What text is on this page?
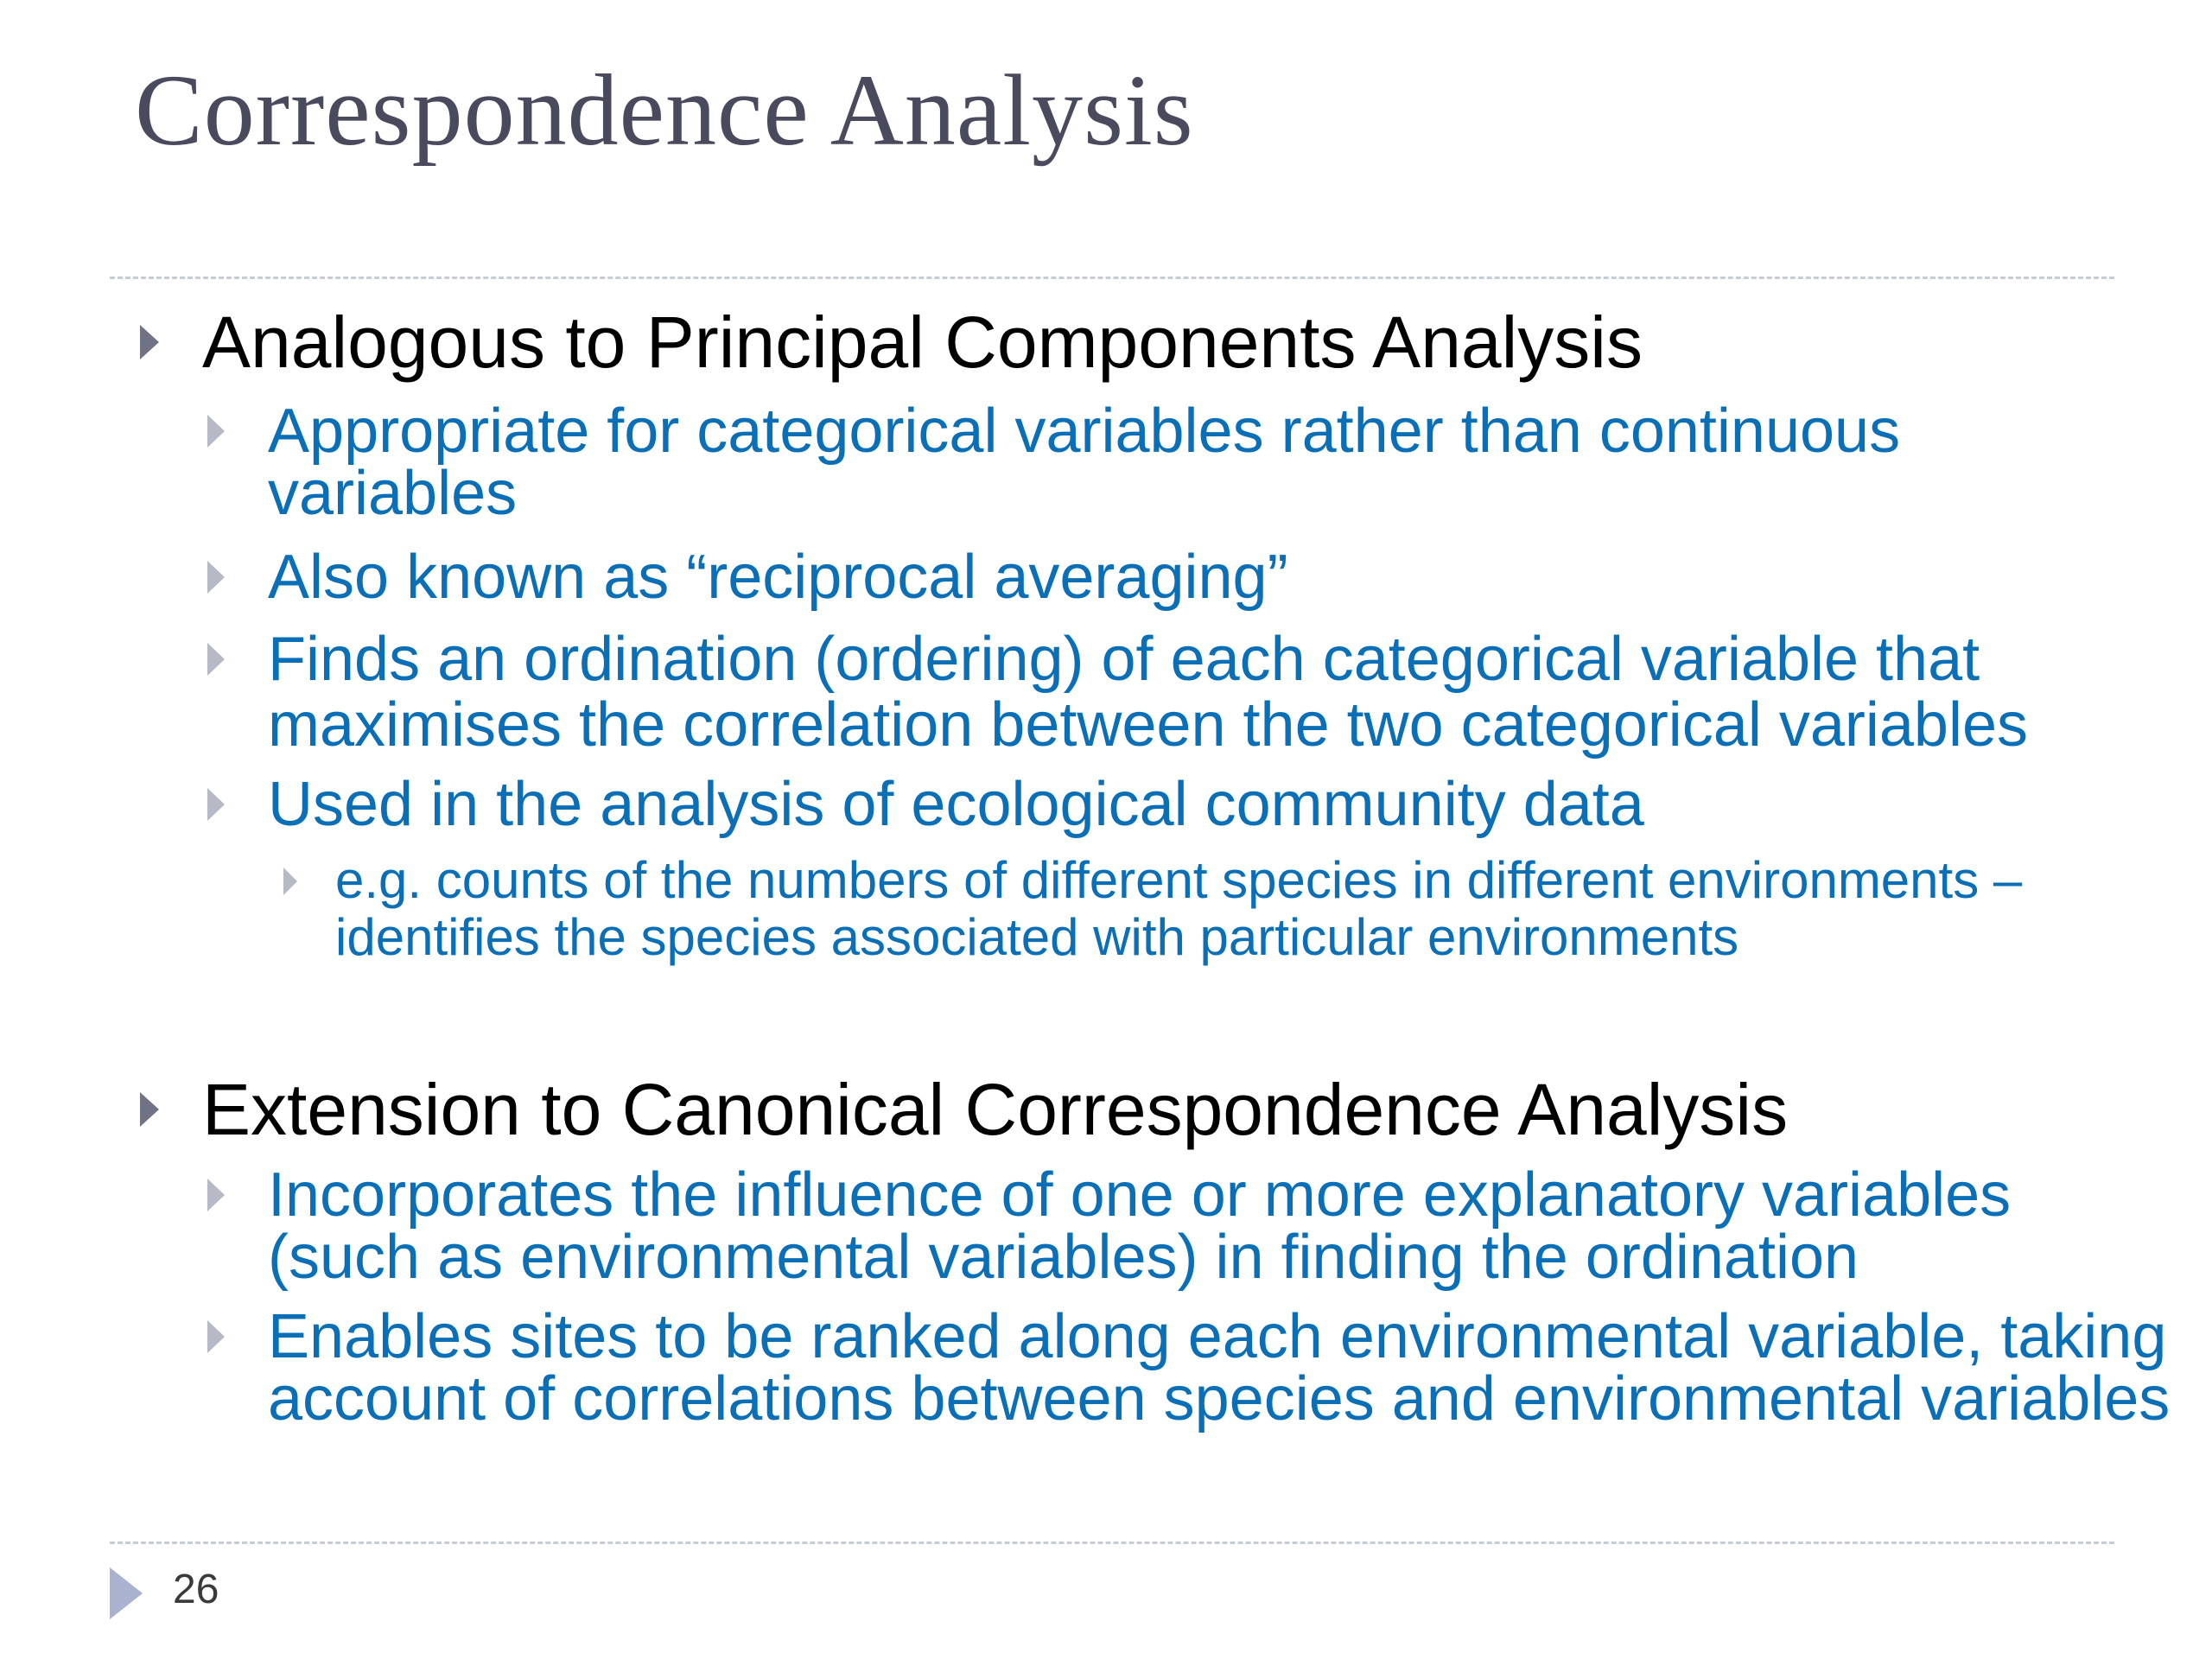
Correspondence Analysis
Analogous to Principal Components Analysis
Appropriate for categorical variables rather than continuous
variables
Also known as “reciprocal averaging”
Finds an ordination (ordering) of each categorical variable that
maximises the correlation between the two categorical variables
Used in the analysis of ecological community data
e.g. counts of the numbers of different species in different environments –
identifies the species associated with particular environments
Extension to Canonical Correspondence Analysis
Incorporates the influence of one or more explanatory variables
(such as environmental variables) in finding the ordination
Enables sites to be ranked along each environmental variable, taking
account of correlations between species and environmental variables
26
